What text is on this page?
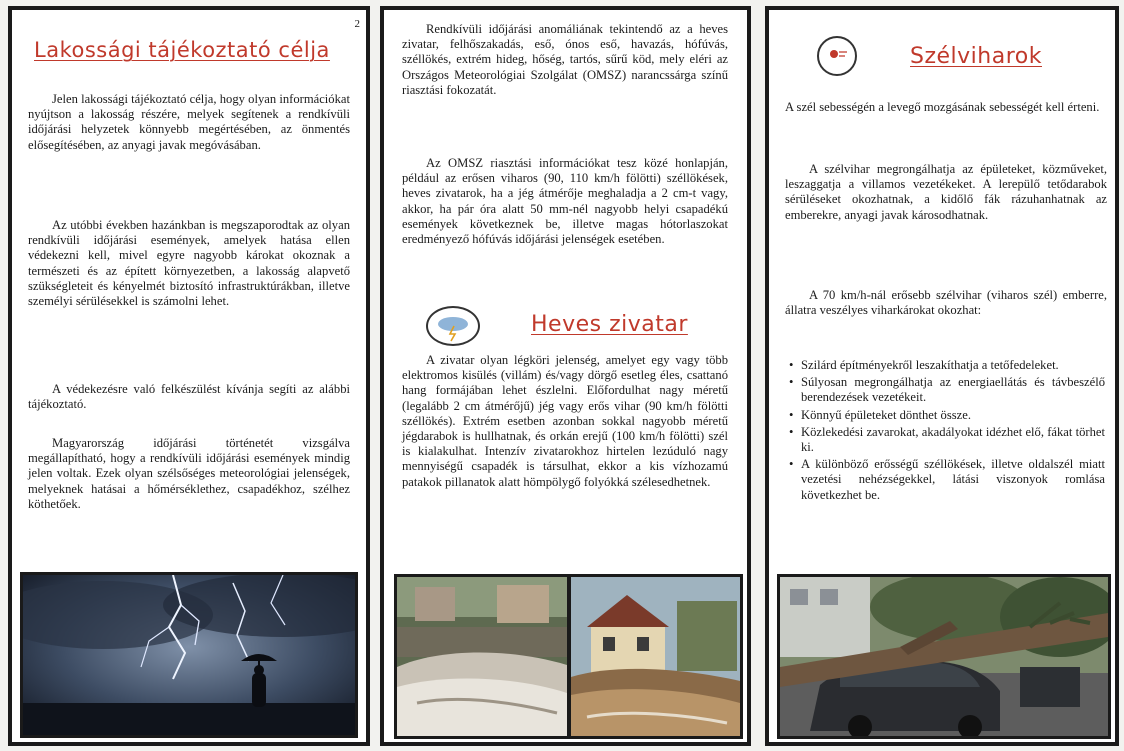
2
Lakossági tájékoztató célja

Jelen lakossági tájékoztató célja, hogy olyan információkat nyújtson a lakosság részére, melyek segítenek a rendkívüli időjárási helyzetek könnyebb megértésében, az önmentés elősegítésében, az anyagi javak megóvásában.

Az utóbbi években hazánkban is megszaporodtak az olyan rendkívüli időjárási események, amelyek hatása ellen védekezni kell, mivel egyre nagyobb károkat okoznak a természeti és az épített környezetben, a lakosság alapvető szükségleteit és kényelmét biztosító infrastruktúrákban, illetve személyi sérülésekkel is számolni lehet.

A védekezésre való felkészülést kívánja segíti az alábbi tájékoztató.

Magyarország időjárási történetét vizsgálva megállapítható, hogy a rendkívüli időjárási események mindig jelen voltak. Ezek olyan szélsőséges meteorológiai jelenségek, melyeknek hatásai a hőmérséklethez, csapadékhoz, szélhez köthetőek.

Rendkívüli időjárási anomáliának tekintendő az a heves zivatar, felhőszakadás, eső, ónos eső, havazás, hófúvás, széllökés, extrém hideg, hőség, tartós, sűrű köd, mely eléri az Országos Meteorológiai Szolgálat (OMSZ) narancssárga színű riasztási fokozatát.

Az OMSZ riasztási információkat tesz közé honlapján, például az erősen viharos (90, 110 km/h fölötti) széllökések, heves zivatarok, ha a jég átmérője meghaladja a 2 cm-t vagy, akkor, ha pár óra alatt 50 mm-nél nagyobb helyi csapadékú események következnek be, illetve magas hótorlaszokat eredményező hófúvás időjárási jelenségek esetében.

Heves zivatar

A zivatar olyan légköri jelenség, amelyet egy vagy több elektromos kisülés (villám) és/vagy dörgő esetleg éles, csattanó hang formájában lehet észlelni. Előfordulhat nagy méretű (legalább 2 cm átmérőjű) jég vagy erős vihar (90 km/h fölötti széllökés). Extrém esetben azonban sokkal nagyobb méretű jégdarabok is hullhatnak, és orkán erejű (100 km/h fölötti) szél is kialakulhat. Intenzív zivatarokhoz hirtelen lezúduló nagy mennyiségű csapadék is társulhat, ekkor a kis vízhozamú patakok pillanatok alatt hömpölygő folyókká szélesedhetnek.

Szélviharok

A szél sebességén a levegő mozgásának sebességét kell érteni.

A szélvihar megrongálhatja az épületeket, közműveket, leszaggatja a villamos vezetékeket. A lerepülő tetődarabok sérüléseket okozhatnak, a kidőlő fák rázuhanhatnak az emberekre, anyagi javak károsodhatnak.

A 70 km/h-nál erősebb szélvihar (viharos szél) emberre, állatra veszélyes viharkárokat okozhat:

• Szilárd építményekről leszakíthatja a tetőfedeleket.
• Súlyosan megrongálhatja az energiaellátás és távbeszélő berendezések vezetékeit.
• Könnyű épületeket dönthet össze.
• Közlekedési zavarokat, akadályokat idézhet elő, fákat törhet ki.
• A különböző erősségű széllökések, illetve oldalszél miatt vezetési nehézségekkel, látási viszonyok romlása következhet be.
